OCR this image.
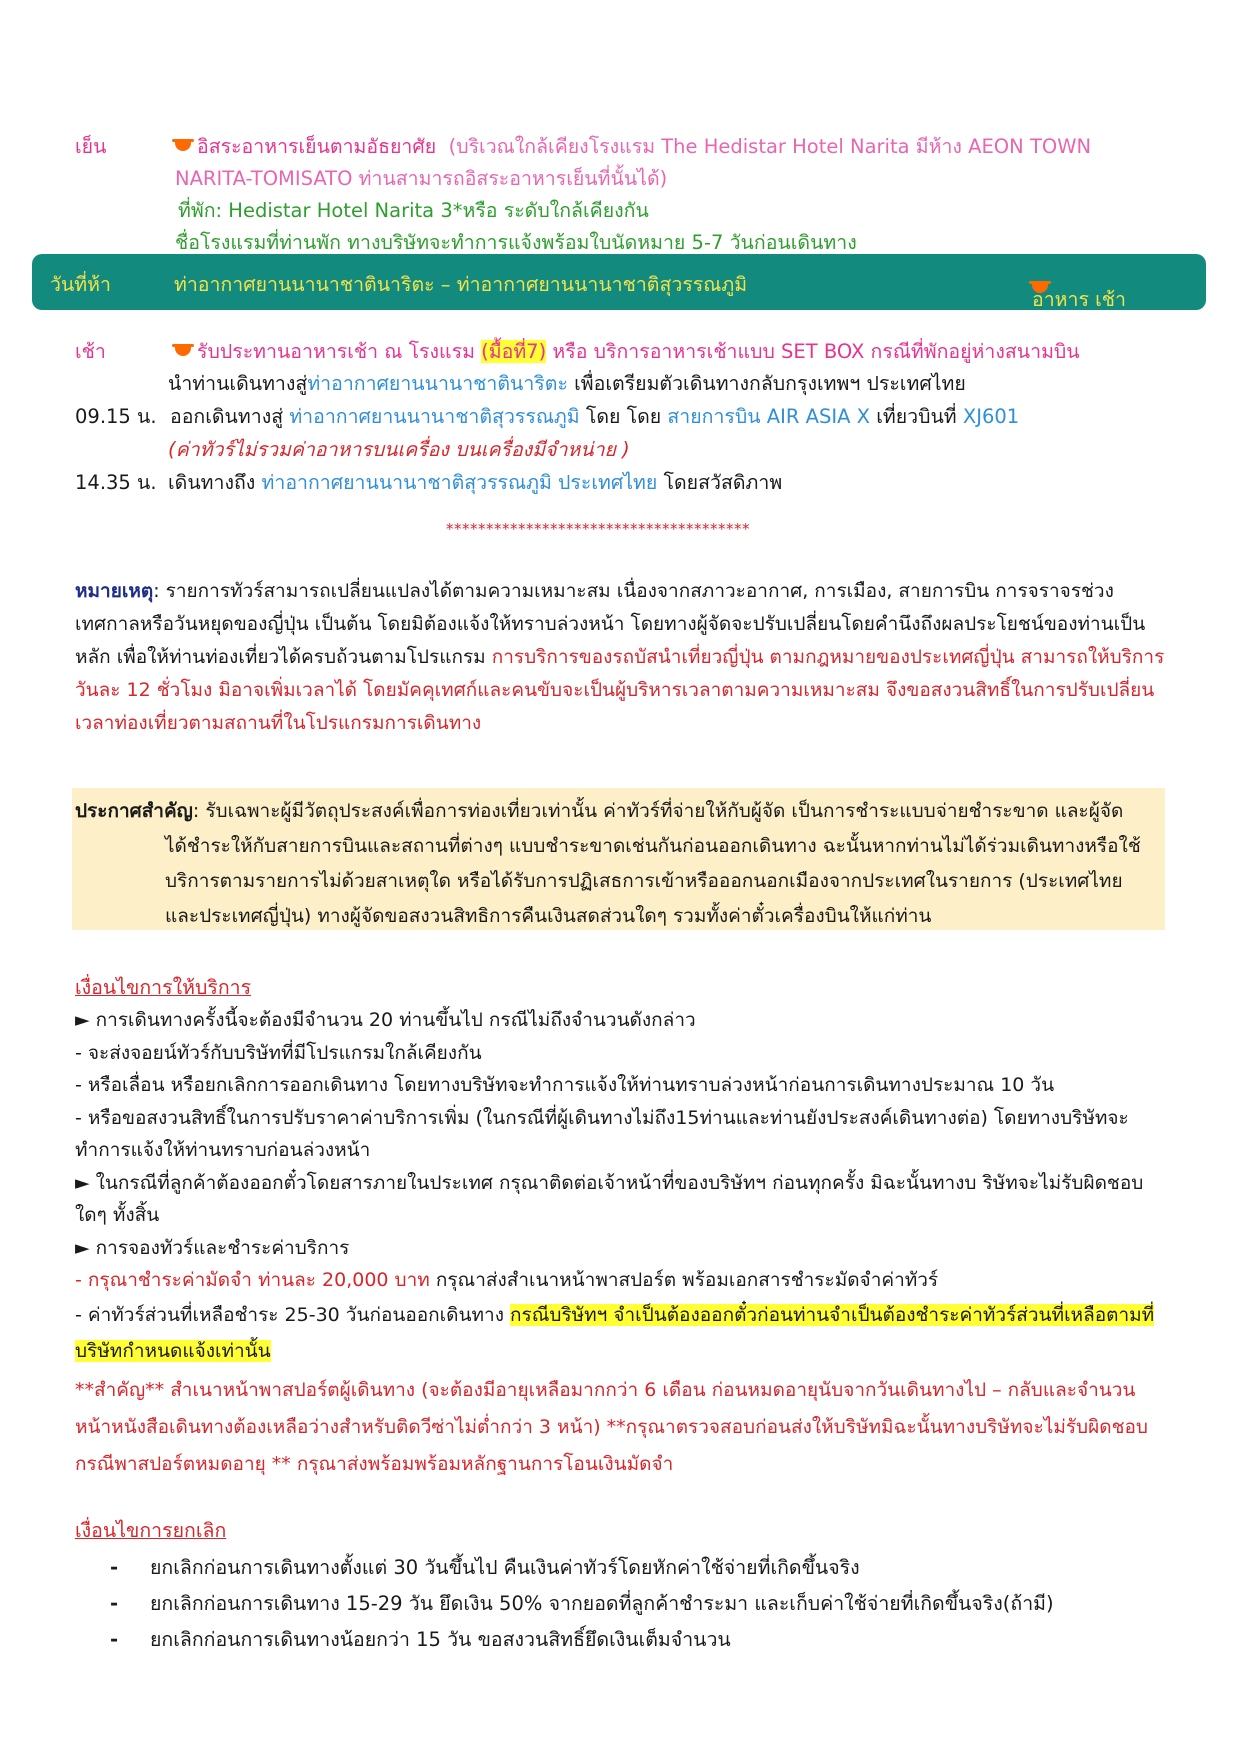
เย็น	อิสระอาหารเย็นตามอัธยาศัย (บริเวณใกล้เคียงโรงแรม The Hedistar Hotel Narita มีห้าง AEON TOWN
NARITA-TOMISATO ท่านสามารถอิสระอาหารเย็นที่นั้นได้)
ที่พัก: Hedistar Hotel Narita 3*หรือ ระดับใกล้เคียงกัน
ชื่อโรงแรมที่ท่านพัก ทางบริษัทจะทำการแจ้งพร้อมใบนัดหมาย 5-7 วันก่อนเดินทาง
วันที่ห้า	ท่าอากาศยานนานาชาตินาริตะ – ท่าอากาศยานนานาชาติสุวรรณภูมิ
อาหาร เช้า
เช้า	รับประทานอาหารเช้า ณ โรงแรม (มื้อที่7) หรือ บริการอาหารเช้าแบบ SET BOX กรณีที่พักอยู่ห่างสนามบิน
นำท่านเดินทางสู่ท่าอากาศยานนานาชาตินาริตะ เพื่อเตรียมตัวเดินทางกลับกรุงเทพฯ ประเทศไทย
09.15 น. ออกเดินทางสู่ ท่าอากาศยานนานาชาติสุวรรณภูมิ โดย โดย สายการบิน AIR ASIA X เที่ยวบินที่ XJ601
(ค่าทัวร์ไม่รวมค่าอาหารบนเครื่อง บนเครื่องมีจำหน่าย )
14.35 น. เดินทางถึง ท่าอากาศยานนานาชาติสุวรรณภูมิ ประเทศไทย โดยสวัสดิภาพ
**************************************
หมายเหตุ: รายการทัวร์สามารถเปลี่ยนแปลงได้ตามความเหมาะสม เนื่องจากสภาวะอากาศ, การเมือง, สายการบิน การจราจรช่วงเทศกาลหรือวันหยุดของญี่ปุ่น เป็นต้น โดยมิต้องแจ้งให้ทราบล่วงหน้า โดยทางผู้จัดจะปรับเปลี่ยนโดยคำนึงถึงผลประโยชน์ของท่านเป็นหลัก เพื่อให้ท่านท่องเที่ยวได้ครบถ้วนตามโปรแกรม การบริการของรถบัสนำเที่ยวญี่ปุ่น ตามกฎหมายของประเทศญี่ปุ่น สามารถให้บริการวันละ 12 ชั่วโมง มิอาจเพิ่มเวลาได้ โดยมัคคุเทศก์และคนขับจะเป็นผู้บริหารเวลาตามความเหมาะสม จึงขอสงวนสิทธิ์ในการปรับเปลี่ยนเวลาท่องเที่ยวตามสถานที่ในโปรแกรมการเดินทาง
ประกาศสำคัญ: รับเฉพาะผู้มีวัตถุประสงค์เพื่อการท่องเที่ยวเท่านั้น ค่าทัวร์ที่จ่ายให้กับผู้จัด เป็นการชำระแบบจ่ายชำระขาด และผู้จัด
ได้ชำระให้กับสายการบินและสถานที่ต่างๆ แบบชำระขาดเช่นกันก่อนออกเดินทาง ฉะนั้นหากท่านไม่ได้ร่วมเดินทางหรือใช้
บริการตามรายการไม่ด้วยสาเหตุใด หรือได้รับการปฏิเสธการเข้าหรือออกนอกเมืองจากประเทศในรายการ (ประเทศไทย
และประเทศญี่ปุ่น) ทางผู้จัดขอสงวนสิทธิการคืนเงินสดส่วนใดๆ รวมทั้งค่าตั๋วเครื่องบินให้แก่ท่าน
เงื่อนไขการให้บริการ
► การเดินทางครั้งนี้จะต้องมีจำนวน 20 ท่านขึ้นไป กรณีไม่ถึงจำนวนดังกล่าว
- จะส่งจอยน์ทัวร์กับบริษัทที่มีโปรแกรมใกล้เคียงกัน
- หรือเลื่อน หรือยกเลิกการออกเดินทาง โดยทางบริษัทจะทำการแจ้งให้ท่านทราบล่วงหน้าก่อนการเดินทางประมาณ 10 วัน
- หรือขอสงวนสิทธิ์ในการปรับราคาค่าบริการเพิ่ม (ในกรณีที่ผู้เดินทางไม่ถึง15ท่านและท่านยังประสงค์เดินทางต่อ) โดยทางบริษัทจะทำการแจ้งให้ท่านทราบก่อนล่วงหน้า
► ในกรณีที่ลูกค้าต้องออกตั๋วโดยสารภายในประเทศ กรุณาติดต่อเจ้าหน้าที่ของบริษัทฯ ก่อนทุกครั้ง มิฉะนั้นทางบ ริษัทจะไม่รับผิดชอบใดๆ ทั้งสิ้น
► การจองทัวร์และชำระค่าบริการ
- กรุณาชำระค่ามัดจำ ท่านละ 20,000 บาท กรุณาส่งสำเนาหน้าพาสปอร์ต พร้อมเอกสารชำระมัดจำค่าทัวร์
- ค่าทัวร์ส่วนที่เหลือชำระ 25-30 วันก่อนออกเดินทาง กรณีบริษัทฯ จำเป็นต้องออกตั๋วก่อนท่านจำเป็นต้องชำระค่าทัวร์ส่วนที่เหลือตามที่บริษัทกำหนดแจ้งเท่านั้น
**สำคัญ** สำเนาหน้าพาสปอร์ตผู้เดินทาง (จะต้องมีอายุเหลือมากกว่า 6 เดือน ก่อนหมดอายุนับจากวันเดินทางไป – กลับและจำนวนหน้าหนังสือเดินทางต้องเหลือว่างสำหรับติดวีซ่าไม่ต่ำกว่า 3 หน้า) **กรุณาตรวจสอบก่อนส่งให้บริษัทมิฉะนั้นทางบริษัทจะไม่รับผิดชอบกรณีพาสปอร์ตหมดอายุ ** กรุณาส่งพร้อมพร้อมหลักฐานการโอนเงินมัดจำ
เงื่อนไขการยกเลิก
- ยกเลิกก่อนการเดินทางตั้งแต่ 30 วันขึ้นไป คืนเงินค่าทัวร์โดยหักค่าใช้จ่ายที่เกิดขึ้นจริง
- ยกเลิกก่อนการเดินทาง 15-29 วัน ยึดเงิน 50% จากยอดที่ลูกค้าชำระมา และเก็บค่าใช้จ่ายที่เกิดขึ้นจริง(ถ้ามี)
- ยกเลิกก่อนการเดินทางน้อยกว่า 15 วัน ขอสงวนสิทธิ์ยึดเงินเต็มจำนวน
